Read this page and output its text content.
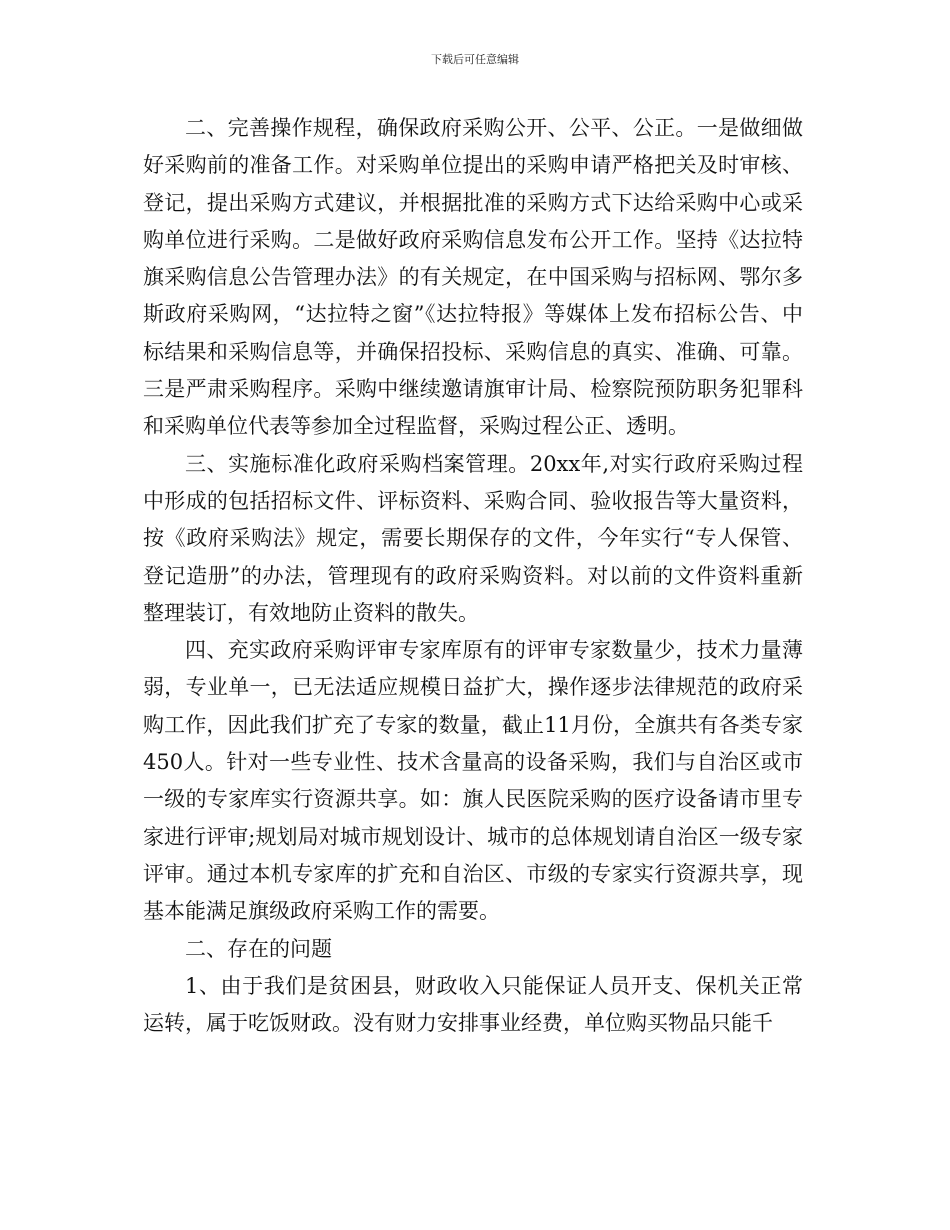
下载后可任意编辑

二、完善操作规程，确保政府采购公开、公平、公正。一是做细做好采购前的准备工作。对采购单位提出的采购申请严格把关及时审核、登记，提出采购方式建议，并根据批准的采购方式下达给采购中心或采购单位进行采购。二是做好政府采购信息发布公开工作。坚持《达拉特旗采购信息公告管理办法》的有关规定，在中国采购与招标网、鄂尔多斯政府采购网，“达拉特之窗”《达拉特报》等媒体上发布招标公告、中标结果和采购信息等，并确保招投标、采购信息的真实、准确、可靠。三是严肃采购程序。采购中继续邀请旗审计局、检察院预防职务犯罪科和采购单位代表等参加全过程监督，采购过程公正、透明。

三、实施标准化政府采购档案管理。20xx年,对实行政府采购过程中形成的包括招标文件、评标资料、采购合同、验收报告等大量资料，按《政府采购法》规定，需要长期保存的文件，今年实行“专人保管、登记造册”的办法，管理现有的政府采购资料。对以前的文件资料重新整理装订，有效地防止资料的散失。

四、充实政府采购评审专家库原有的评审专家数量少，技术力量薄弱，专业单一，已无法适应规模日益扩大，操作逐步法律规范的政府采购工作，因此我们扩充了专家的数量，截止11月份，全旗共有各类专家450人。针对一些专业性、技术含量高的设备采购，我们与自治区或市一级的专家库实行资源共享。如：旗人民医院采购的医疗设备请市里专家进行评审;规划局对城市规划设计、城市的总体规划请自治区一级专家评审。通过本机专家库的扩充和自治区、市级的专家实行资源共享，现基本能满足旗级政府采购工作的需要。

二、存在的问题

1、由于我们是贫困县，财政收入只能保证人员开支、保机关正常运转，属于吃饭财政。没有财力安排事业经费，单位购买物品只能千
